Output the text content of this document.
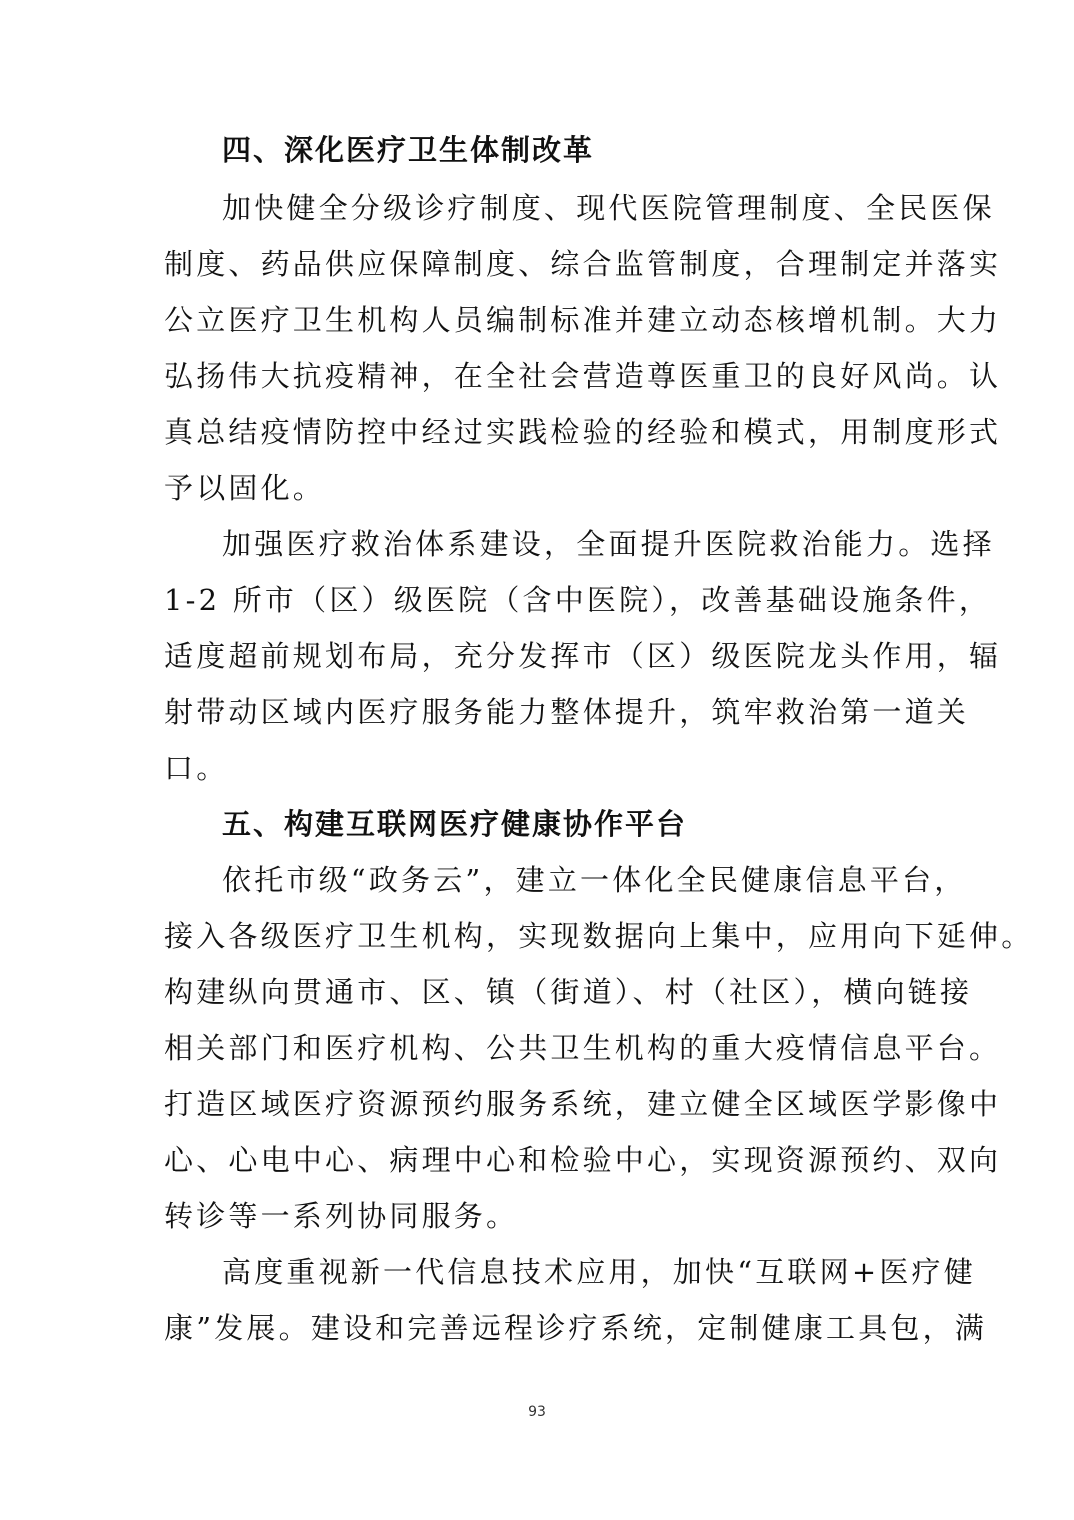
四、深化医疗卫生体制改革
加快健全分级诊疗制度、现代医院管理制度、全民医保
制度、药品供应保障制度、综合监管制度，合理制定并落实
公立医疗卫生机构人员编制标准并建立动态核增机制。大力
弘扬伟大抗疫精神，在全社会营造尊医重卫的良好风尚。认
真总结疫情防控中经过实践检验的经验和模式，用制度形式
予以固化。
加强医疗救治体系建设，全面提升医院救治能力。选择
1-2 所市（区）级医院（含中医院），改善基础设施条件，
适度超前规划布局，充分发挥市（区）级医院龙头作用，辐
射带动区域内医疗服务能力整体提升，筑牢救治第一道关
口。
五、构建互联网医疗健康协作平台
依托市级“政务云”，建立一体化全民健康信息平台，
接入各级医疗卫生机构，实现数据向上集中，应用向下延伸。
构建纵向贯通市、区、镇（街道）、村（社区），横向链接
相关部门和医疗机构、公共卫生机构的重大疫情信息平台。
打造区域医疗资源预约服务系统，建立健全区域医学影像中
心、心电中心、病理中心和检验中心，实现资源预约、双向
转诊等一系列协同服务。
高度重视新一代信息技术应用，加快“互联网+医疗健
康”发展。建设和完善远程诊疗系统，定制健康工具包，满
93
